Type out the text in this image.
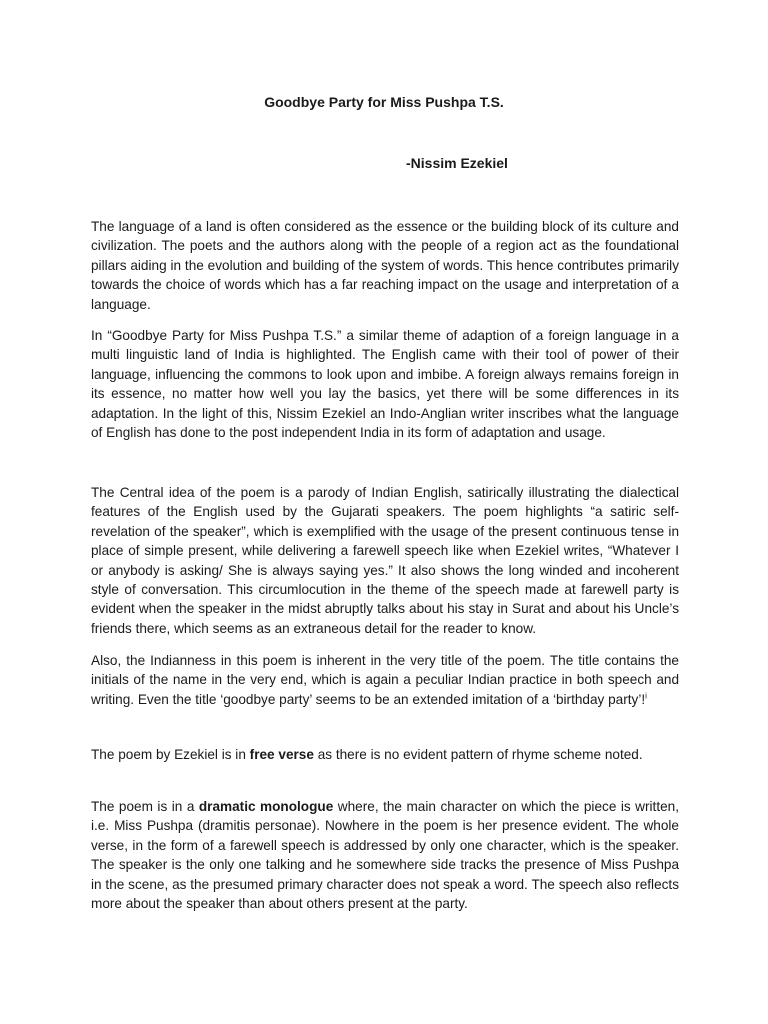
Goodbye Party for Miss Pushpa T.S.

-Nissim Ezekiel

The language of a land is often considered as the essence or the building block of its culture and civilization. The poets and the authors along with the people of a region act as the foundational pillars aiding in the evolution and building of the system of words. This hence contributes primarily towards the choice of words which has a far reaching impact on the usage and interpretation of a language.

In “Goodbye Party for Miss Pushpa T.S.” a similar theme of adaption of a foreign language in a multi linguistic land of India is highlighted. The English came with their tool of power of their language, influencing the commons to look upon and imbibe. A foreign always remains foreign in its essence, no matter how well you lay the basics, yet there will be some differences in its adaptation. In the light of this, Nissim Ezekiel an Indo-Anglian writer inscribes what the language of English has done to the post independent India in its form of adaptation and usage.

The Central idea of the poem is a parody of Indian English, satirically illustrating the dialectical features of the English used by the Gujarati speakers. The poem highlights “a satiric self-revelation of the speaker”, which is exemplified with the usage of the present continuous tense in place of simple present, while delivering a farewell speech like when Ezekiel writes, “Whatever I or anybody is asking/ She is always saying yes.” It also shows the long winded and incoherent style of conversation. This circumlocution in the theme of the speech made at farewell party is evident when the speaker in the midst abruptly talks about his stay in Surat and about his Uncle’s friends there, which seems as an extraneous detail for the reader to know.

Also, the Indianness in this poem is inherent in the very title of the poem. The title contains the initials of the name in the very end, which is again a peculiar Indian practice in both speech and writing. Even the title ‘goodbye party’ seems to be an extended imitation of a ‘birthday party’!$^i$

The poem by Ezekiel is in free verse as there is no evident pattern of rhyme scheme noted.

The poem is in a dramatic monologue where, the main character on which the piece is written, i.e. Miss Pushpa (dramitis personae). Nowhere in the poem is her presence evident. The whole verse, in the form of a farewell speech is addressed by only one character, which is the speaker. The speaker is the only one talking and he somewhere side tracks the presence of Miss Pushpa in the scene, as the presumed primary character does not speak a word. The speech also reflects more about the speaker than about others present at the party.
